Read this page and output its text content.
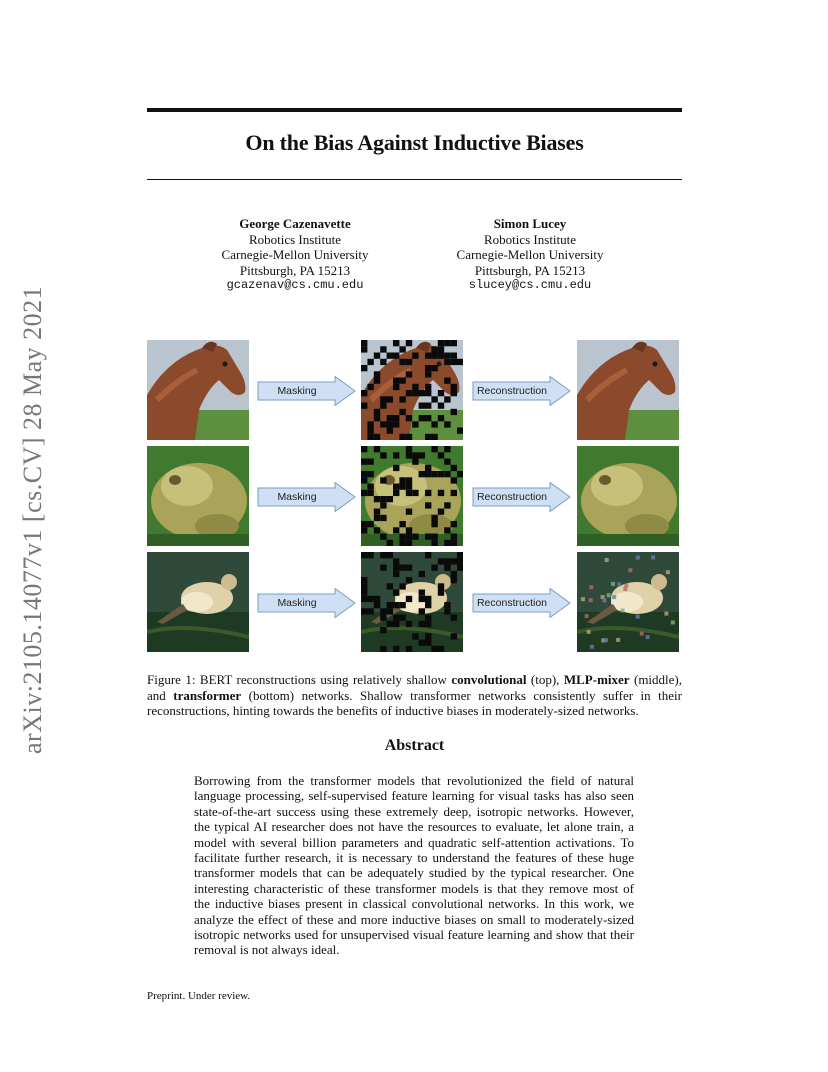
On the Bias Against Inductive Biases
arXiv:2105.14077v1 [cs.CV] 28 May 2021
George Cazenavette
Robotics Institute
Carnegie-Mellon University
Pittsburgh, PA 15213
gcazenav@cs.cmu.edu
Simon Lucey
Robotics Institute
Carnegie-Mellon University
Pittsburgh, PA 15213
slucey@cs.cmu.edu
Masking	Reconstruction
Masking	Reconstruction
Masking	Reconstruction
Figure 1: BERT reconstructions using relatively shallow convolutional (top), MLP-mixer (middle), and transformer (bottom) networks. Shallow transformer networks consistently suffer in their reconstructions, hinting towards the benefits of inductive biases in moderately-sized networks.
Abstract
Borrowing from the transformer models that revolutionized the field of natural language processing, self-supervised feature learning for visual tasks has also seen state-of-the-art success using these extremely deep, isotropic networks. However, the typical AI researcher does not have the resources to evaluate, let alone train, a model with several billion parameters and quadratic self-attention activations. To facilitate further research, it is necessary to understand the features of these huge transformer models that can be adequately studied by the typical researcher. One interesting characteristic of these transformer models is that they remove most of the inductive biases present in classical convolutional networks. In this work, we analyze the effect of these and more inductive biases on small to moderately-sized isotropic networks used for unsupervised visual feature learning and show that their removal is not always ideal.
Preprint. Under review.
